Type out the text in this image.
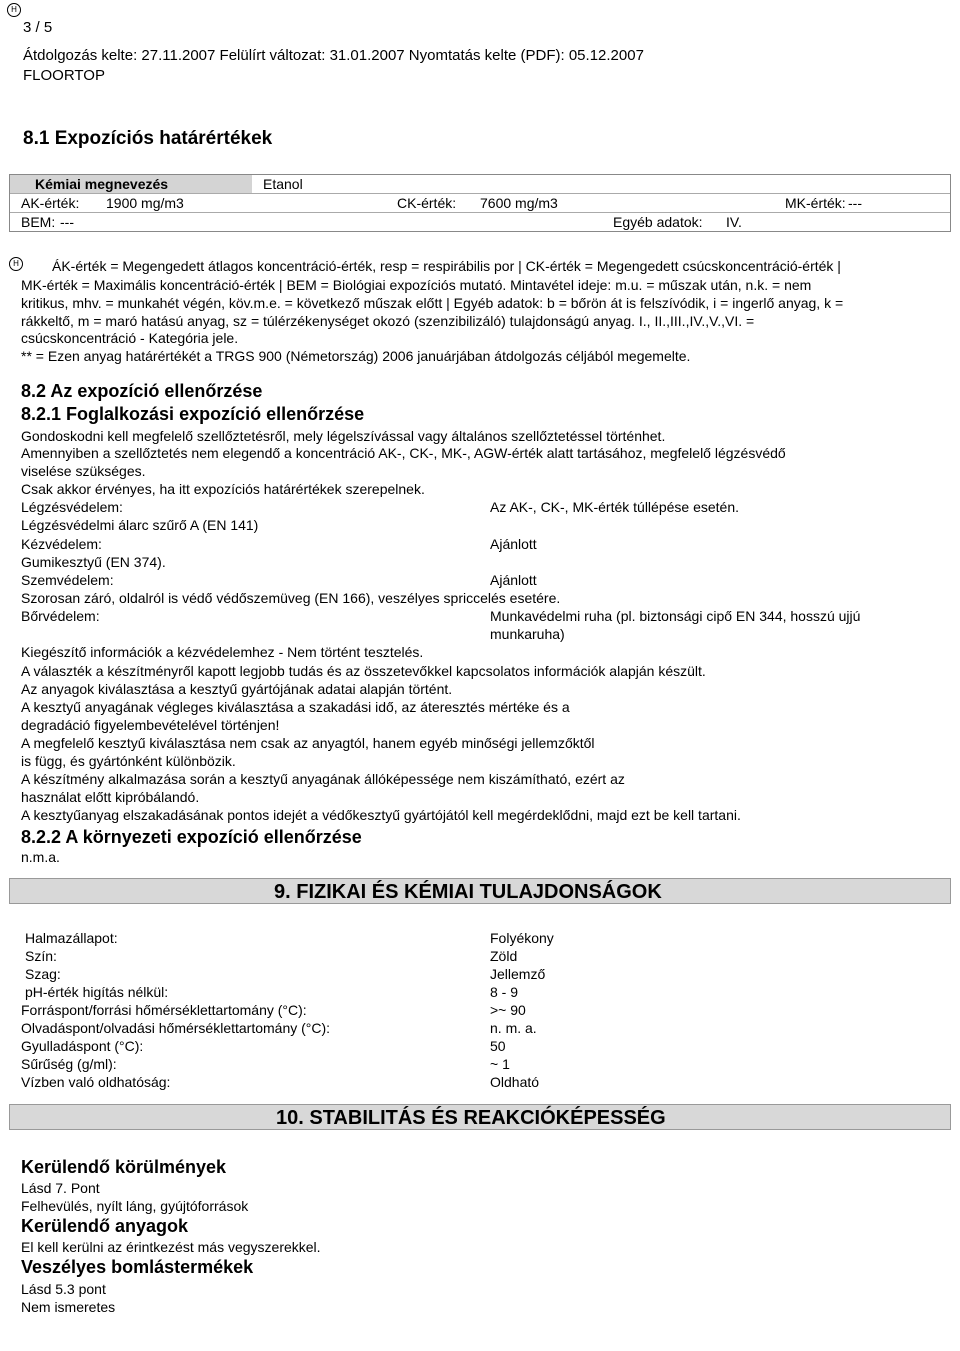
H
3 / 5
Átdolgozás kelte: 27.11.2007 Felülírt változat: 31.01.2007 Nyomtatás kelte (PDF): 05.12.2007
FLOORTOP
8.1 Expozíciós határértékek
Kémiai megnevezés	Etanol
AK-érték: 1900 mg/m3	CK-érték: 7600 mg/m3	MK-érték: ---
BEM: ---	Egyéb adatok: IV.
H ÁK-érték = Megengedett átlagos koncentráció-érték, resp = respirábilis por | CK-érték = Megengedett csúcskoncentráció-érték |
MK-érték = Maximális koncentráció-érték | BEM = Biológiai expozíciós mutató. Mintavétel ideje: m.u. = műszak után, n.k. = nem
kritikus, mhv. = munkahét végén, köv.m.e. = következő műszak előtt | Egyéb adatok: b = bőrön át is felszívódik, i = ingerlő anyag, k =
rákkeltő, m = maró hatású anyag, sz = túlérzékenységet okozó (szenzibilizáló) tulajdonságú anyag. I., II.,III.,IV.,V.,VI. =
csúcskoncentráció - Kategória jele.
** = Ezen anyag határértékét a TRGS 900 (Németország) 2006 januárjában átdolgozás céljából megemelte.
8.2 Az expozíció ellenőrzése
8.2.1 Foglalkozási expozíció ellenőrzése
Gondoskodni kell megfelelő szellőztetésről, mely légelszívással vagy általános szellőztetéssel történhet.
Amennyiben a szellőztetés nem elegendő a koncentráció AK-, CK-, MK-, AGW-érték alatt tartásához, megfelelő légzésvédő
viselése szükséges.
Csak akkor érvényes, ha itt expozíciós határértékek szerepelnek.
Légzésvédelem:	Az AK-, CK-, MK-érték túllépése esetén.
Légzésvédelmi álarc szűrő A (EN 141)
Kézvédelem:	Ajánlott
Gumikesztyű (EN 374).
Szemvédelem:	Ajánlott
Szorosan záró, oldalról is védő védőszemüveg (EN 166), veszélyes spriccelés esetére.
Bőrvédelem:	Munkavédelmi ruha (pl. biztonsági cipő EN 344, hosszú ujjú
munkaruha)
Kiegészítő információk a kézvédelemhez - Nem történt tesztelés.
A választék a készítményről kapott legjobb tudás és az összetevőkkel kapcsolatos információk alapján készült.
Az anyagok kiválasztása a kesztyű gyártójának adatai alapján történt.
A kesztyű anyagának végleges kiválasztása a szakadási idő, az áteresztés mértéke és a
degradáció figyelembevételével történjen!
A megfelelő kesztyű kiválasztása nem csak az anyagtól, hanem egyéb minőségi jellemzőktől
is függ, és gyártónként különbözik.
A készítmény alkalmazása során a kesztyű anyagának állóképessége nem kiszámítható, ezért az
használat előtt kipróbálandó.
A kesztyűanyag elszakadásának pontos idejét a védőkesztyű gyártójától kell megérdeklődni, majd ezt be kell tartani.
8.2.2 A környezeti expozíció ellenőrzése
n.m.a.
9. FIZIKAI ÉS KÉMIAI TULAJDONSÁGOK
Halmazállapot:	Folyékony
Szín:	Zöld
Szag:	Jellemző
pH-érték higítás nélkül:	8 - 9
Forráspont/forrási hőmérséklettartomány (°C):	>~ 90
Olvadáspont/olvadási hőmérséklettartomány (°C):	n. m. a.
Gyulladáspont (°C):	50
Sűrűség (g/ml):	~ 1
Vízben való oldhatóság:	Oldható
10. STABILITÁS ÉS REAKCIÓKÉPESSÉG
Kerülendő körülmények
Lásd 7. Pont
Felhevülés, nyílt láng, gyújtóforrások
Kerülendő anyagok
El kell kerülni az érintkezést más vegyszerekkel.
Veszélyes bomlástermékek
Lásd 5.3 pont
Nem ismeretes
